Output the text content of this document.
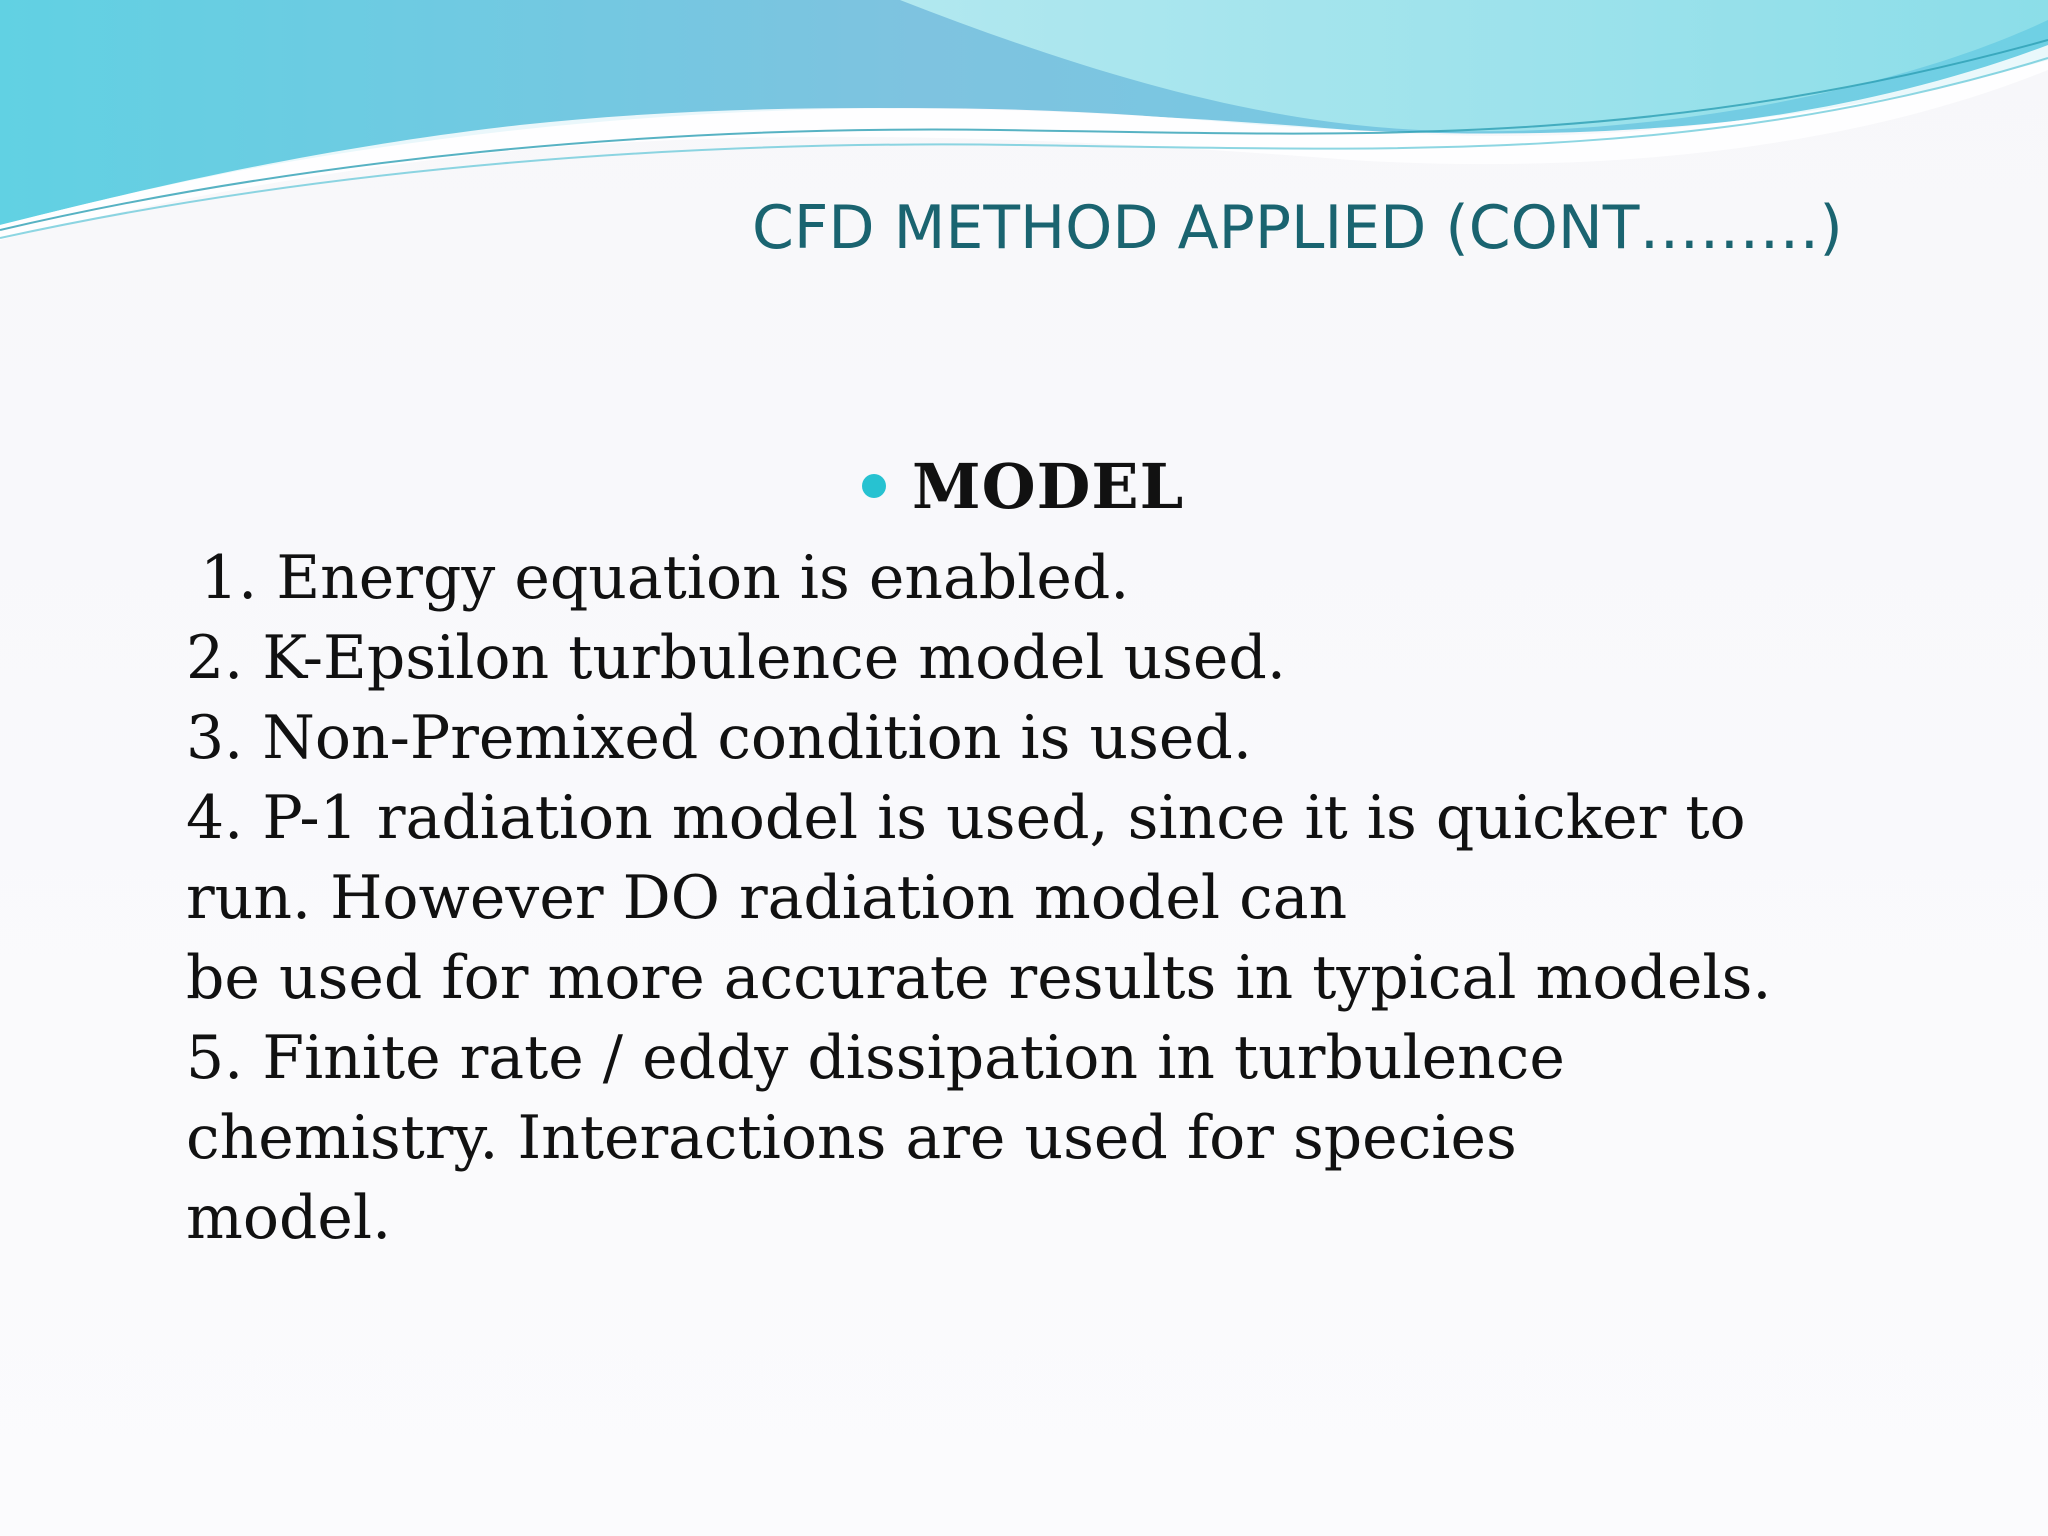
CFD METHOD APPLIED (CONT………)
MODEL
1. Energy equation is enabled.
2. K-Epsilon turbulence model used.
3. Non-Premixed condition is used.
4. P-1 radiation model is used, since it is quicker to
run. However DO radiation model can
be used for more accurate results in typical models.
5. Finite rate / eddy dissipation in turbulence
chemistry. Interactions are used for species
model.
